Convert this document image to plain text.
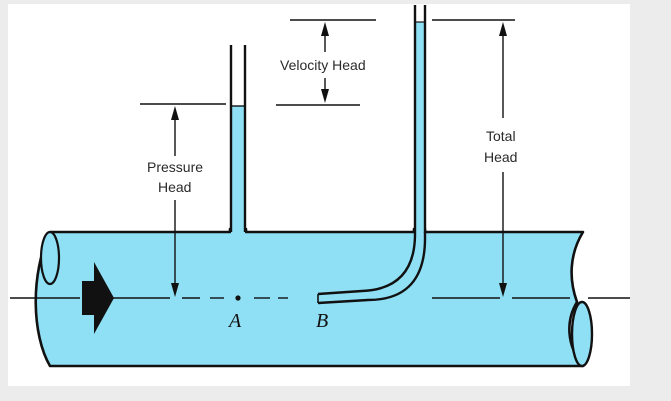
Velocity Head
Pressure
Head
Total
Head
A	B
